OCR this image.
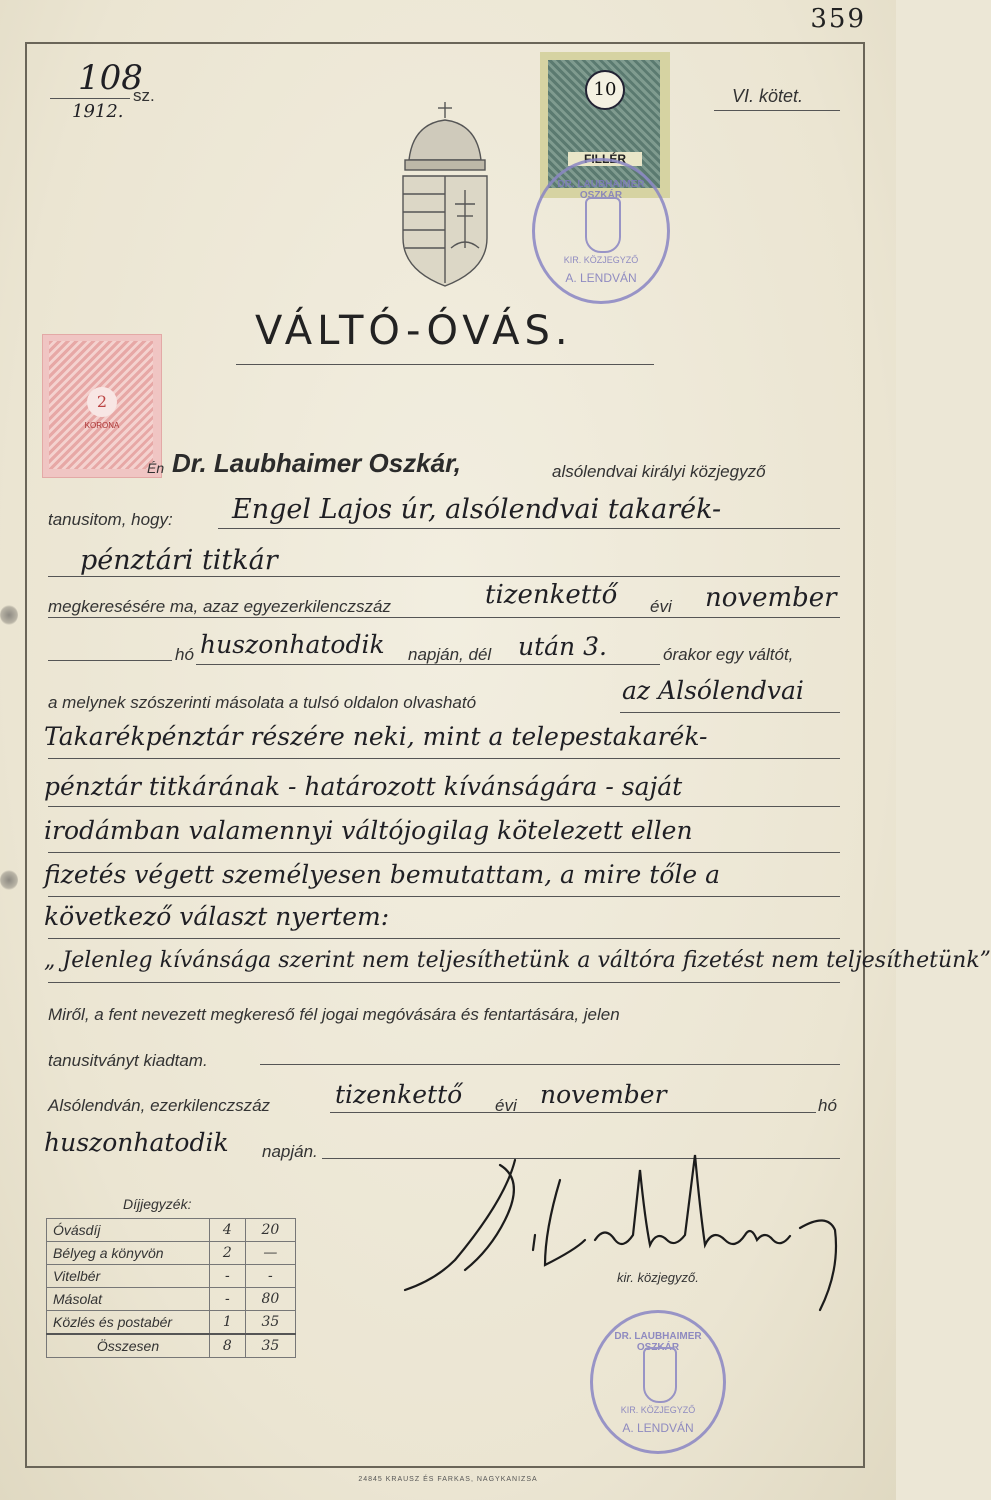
359
108
sz.
1912.
VI. kötet.
10
FILLÉR
DR. LAUBHAIMER OSZKÁR
KIR. KÖZJEGYZŐ
A. LENDVÁN
2
KORONA
VÁLTÓ-ÓVÁS.
Én Dr. Laubhaimer Oszkár,	alsólendvai királyi közjegyző
tanusitom, hogy: Engel Lajos úr, alsólendvai takarék-
pénztári titkár
megkeresésére ma, azaz egyezerkilenczszáz	tizenkettő évi november
hó huszonhatodik napján, dél után 3.	órakor egy váltót,
a melynek szószerinti másolata a tulsó oldalon olvasható	az Alsólendvai
Takarékpénztár részére neki, mint a telepestakarék-
pénztár titkárának - határozott kívánságára - saját
irodámban valamennyi váltójogilag kötelezett ellen
fizetés végett személyesen bemutattam, a mire tőle a
következő választ nyertem:
„ Jelenleg kívánsága szerint nem teljesíthetünk a váltóra fizetést nem teljesíthetünk”
Miről, a fent nevezett megkereső fél jogai megóvására és fentartására, jelen
tanusitványt kiadtam.
Alsólendván, ezerkilenczszáz	tizenkettő évi november	hó
huszonhatodik napján.
Díjjegyzék:
Óvásdíj	4	20
Bélyeg a könyvön	2	—
Vitelbér	-	-
Másolat	-	80
Közlés és postabér	1	35
Összesen	8	35
kir. közjegyző.
DR. LAUBHAIMER OSZKÁR
KIR. KÖZJEGYZŐ
A. LENDVÁN
24845 KRAUSZ ÉS FARKAS, NAGYKANIZSA
